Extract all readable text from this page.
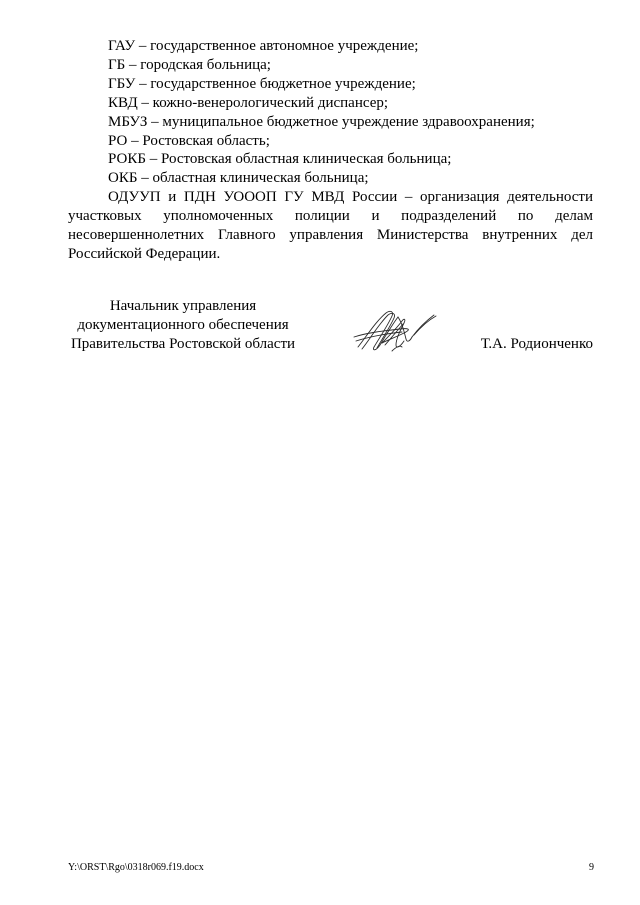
ГАУ – государственное автономное учреждение;
ГБ – городская больница;
ГБУ – государственное бюджетное учреждение;
КВД – кожно-венерологический диспансер;
МБУЗ – муниципальное бюджетное учреждение здравоохранения;
РО – Ростовская область;
РОКБ – Ростовская областная клиническая больница;
ОКБ – областная клиническая больница;
ОДУУП и ПДН УОООП ГУ МВД России – организация деятельности участковых уполномоченных полиции и подразделений по делам несовершеннолетних Главного управления Министерства внутренних дел Российской Федерации.
Начальник управления
документационного обеспечения
Правительства Ростовской области	Т.А. Родионченко
Y:\ORST\Rgo\0318r069.f19.docx	9
